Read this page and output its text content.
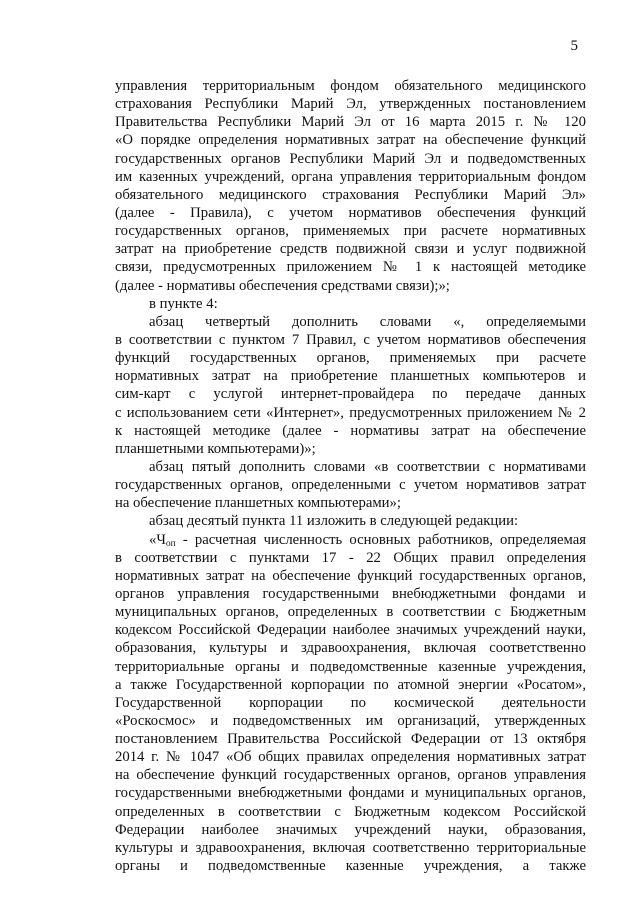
5
управления территориальным фондом обязательного медицинского
страхования Республики Марий Эл, утвержденных постановлением
Правительства Республики Марий Эл от 16 марта 2015 г. № 120
«О порядке определения нормативных затрат на обеспечение функций
государственных органов Республики Марий Эл и подведомственных
им казенных учреждений, органа управления территориальным фондом
обязательного медицинского страхования Республики Марий Эл»
(далее - Правила), с учетом нормативов обеспечения функций
государственных органов, применяемых при расчете нормативных
затрат на приобретение средств подвижной связи и услуг подвижной
связи, предусмотренных приложением № 1 к настоящей методике
(далее - нормативы обеспечения средствами связи);»;
в пункте 4:
абзац четвертый дополнить словами «, определяемыми
в соответствии с пунктом 7 Правил, с учетом нормативов обеспечения
функций государственных органов, применяемых при расчете
нормативных затрат на приобретение планшетных компьютеров и
сим-карт с услугой интернет-провайдера по передаче данных
с использованием сети «Интернет», предусмотренных приложением № 2
к настоящей методике (далее - нормативы затрат на обеспечение
планшетными компьютерами)»;
абзац пятый дополнить словами «в соответствии с нормативами
государственных органов, определенными с учетом нормативов затрат
на обеспечение планшетных компьютерами»;
абзац десятый пункта 11 изложить в следующей редакции:
«$Ч_{оп}$ - расчетная численность основных работников, определяемая
в соответствии с пунктами 17 - 22 Общих правил определения
нормативных затрат на обеспечение функций государственных органов,
органов управления государственными внебюджетными фондами и
муниципальных органов, определенных в соответствии с Бюджетным
кодексом Российской Федерации наиболее значимых учреждений науки,
образования, культуры и здравоохранения, включая соответственно
территориальные органы и подведомственные казенные учреждения,
а также Государственной корпорации по атомной энергии «Росатом»,
Государственной корпорации по космической деятельности
«Роскосмос» и подведомственных им организаций, утвержденных
постановлением Правительства Российской Федерации от 13 октября
2014 г. № 1047 «Об общих правилах определения нормативных затрат
на обеспечение функций государственных органов, органов управления
государственными внебюджетными фондами и муниципальных органов,
определенных в соответствии с Бюджетным кодексом Российской
Федерации наиболее значимых учреждений науки, образования,
культуры и здравоохранения, включая соответственно территориальные
органы и подведомственные казенные учреждения, а также
